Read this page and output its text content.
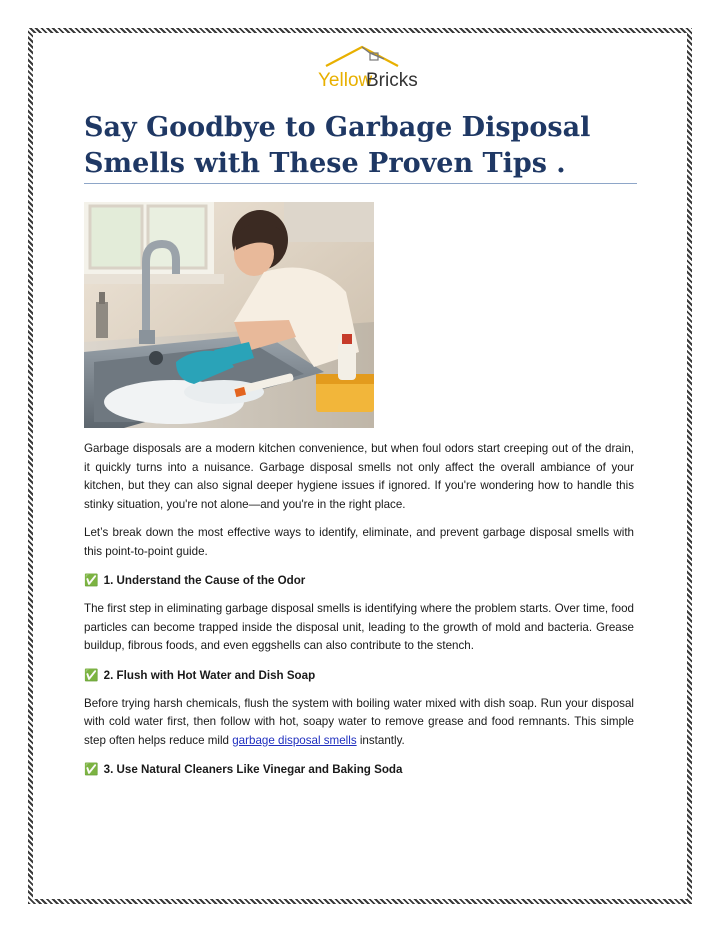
Yellow
Bricks
Say Goodbye to Garbage Disposal
Smells with These Proven Tips .

Garbage disposals are a modern kitchen convenience, but when foul odors start creeping out of the drain, it quickly turns into a nuisance. Garbage disposal smells not only affect the overall ambiance of your kitchen, but they can also signal deeper hygiene issues if ignored. If you're wondering how to handle this stinky situation, you're not alone—and you're in the right place.

Let’s break down the most effective ways to identify, eliminate, and prevent garbage disposal smells with this point-to-point guide.

✅ 1. Understand the Cause of the Odor

The first step in eliminating garbage disposal smells is identifying where the problem starts. Over time, food particles can become trapped inside the disposal unit, leading to the growth of mold and bacteria. Grease buildup, fibrous foods, and even eggshells can also contribute to the stench.

✅ 2. Flush with Hot Water and Dish Soap

Before trying harsh chemicals, flush the system with boiling water mixed with dish soap. Run your disposal with cold water first, then follow with hot, soapy water to remove grease and food remnants. This simple step often helps reduce mild garbage disposal smells instantly.

✅ 3. Use Natural Cleaners Like Vinegar and Baking Soda
